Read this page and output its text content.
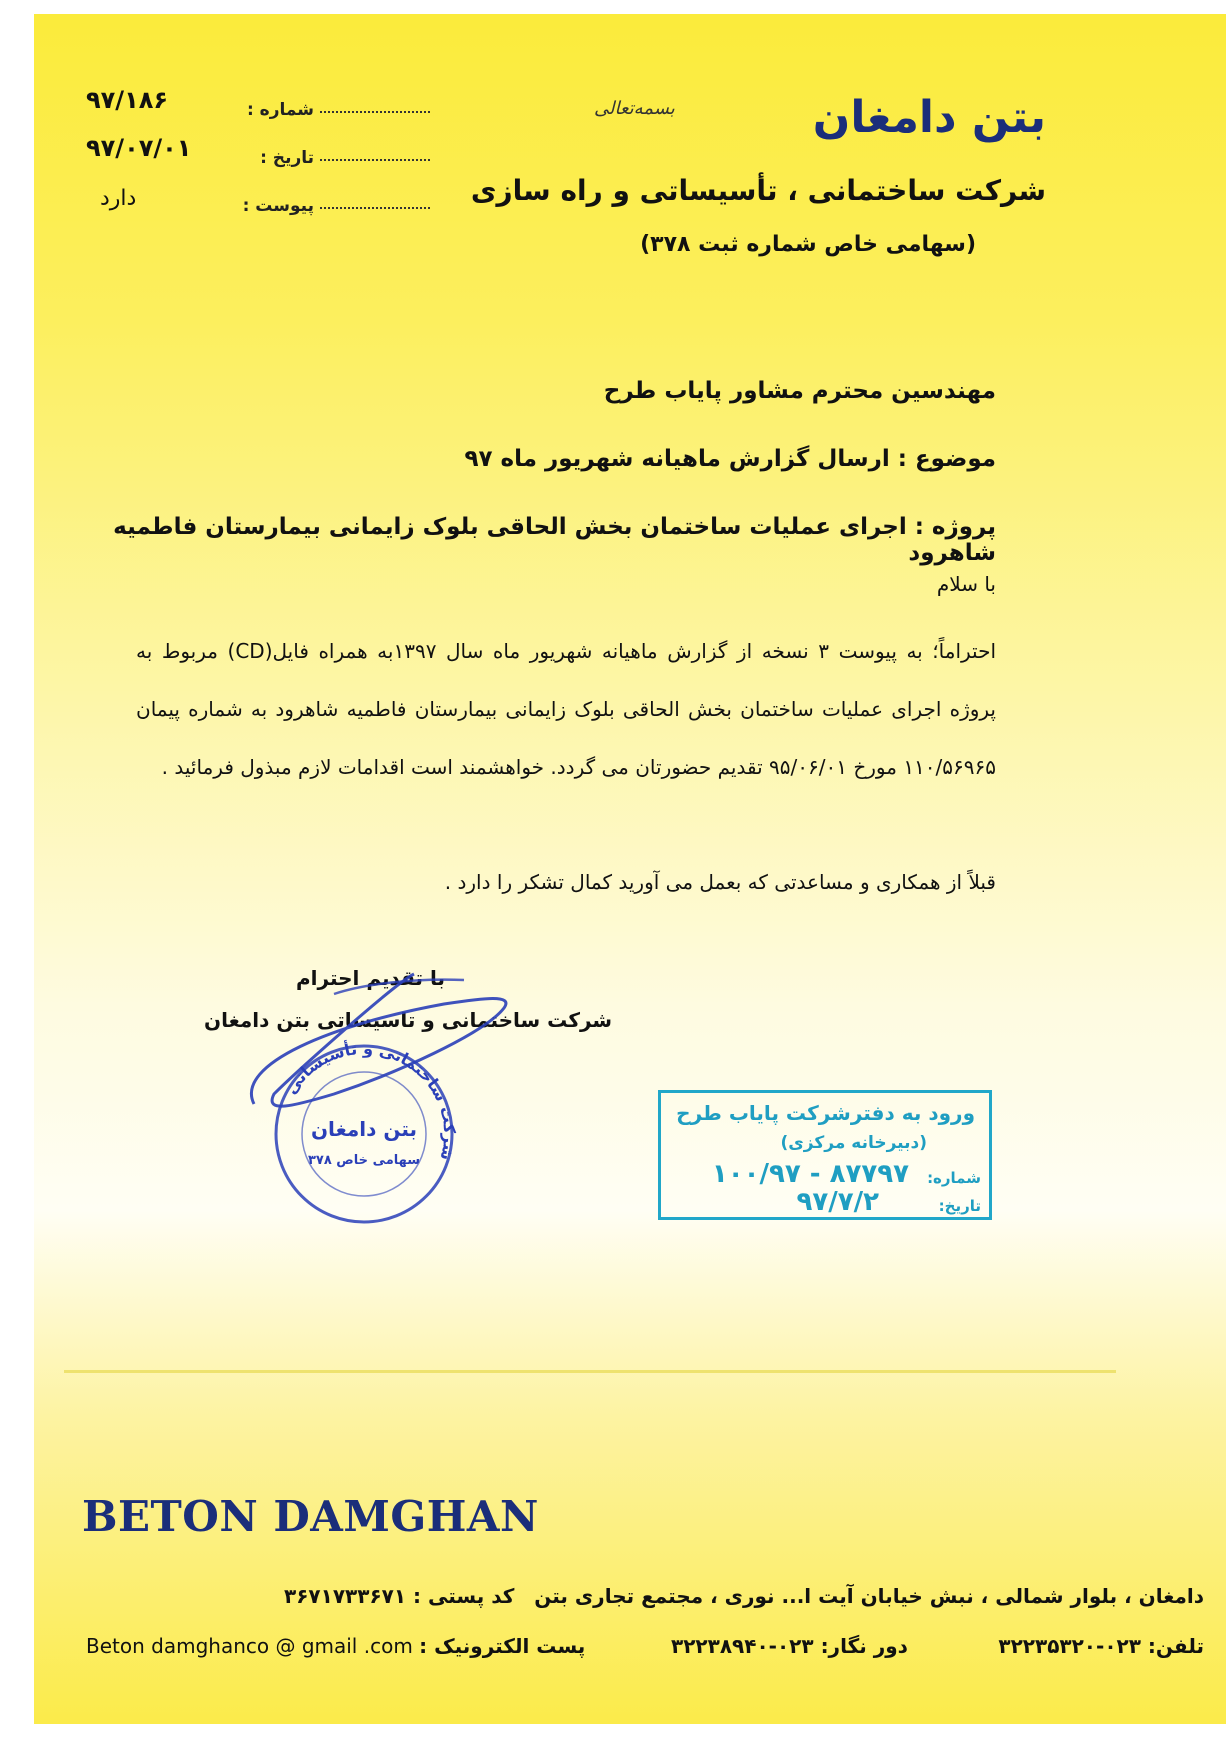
بتن دامغان
بسمه‌تعالی
شرکت ساختمانی ، تأسیساتی و راه سازی
(سهامی خاص شماره ثبت ۳۷۸)
شماره :
۹۷/۱۸۶
تاریخ :
۹۷/۰۷/۰۱
پیوست :
دارد
مهندسین محترم مشاور پایاب طرح
موضوع : ارسال گزارش ماهیانه شهریور ماه ۹۷
پروژه : اجرای عملیات ساختمان بخش الحاقی بلوک زایمانی بیمارستان فاطمیه شاهرود
با سلام
احتراماً؛ به پیوست ۳ نسخه از گزارش ماهیانه شهریور ماه سال ۱۳۹۷به همراه فایل(CD) مربوط به پروژه اجرای عملیات ساختمان بخش الحاقی بلوک زایمانی بیمارستان فاطمیه شاهرود به شماره پیمان ۱۱۰/۵۶۹۶۵ مورخ ۹۵/۰۶/۰۱ تقدیم حضورتان می گردد. خواهشمند است اقدامات لازم مبذول فرمائید .
قبلاً از همکاری و مساعدتی که بعمل می آورید کمال تشکر را دارد .
با تقدیم احترام
شرکت ساختمانی و تاسیساتی بتن دامغان
شرکت ساختمانی و تأسیساتی
بتن دامغان
سهامی خاص ۳۷۸
ورود به دفترشرکت پایاب طرح
(دبیرخانه مرکزی)
شماره:
۱۰۰/۹۷ - ۸۷۷۹۷
تاریخ:
۹۷/۷/۲
BETON DAMGHAN
کد پستی : ۳۶۷۱۷۳۳۶۷۱
پست الکترونیک : Beton damghanco @ gmail .com
دامغان ، بلوار شمالی ، نبش خیابان آیت ا... نوری ، مجتمع تجاری بتن
دور نگار: ۰۲۳-۳۲۲۳۸۹۴۰	تلفن: ۰۲۳-۳۲۲۳۵۳۲۰
